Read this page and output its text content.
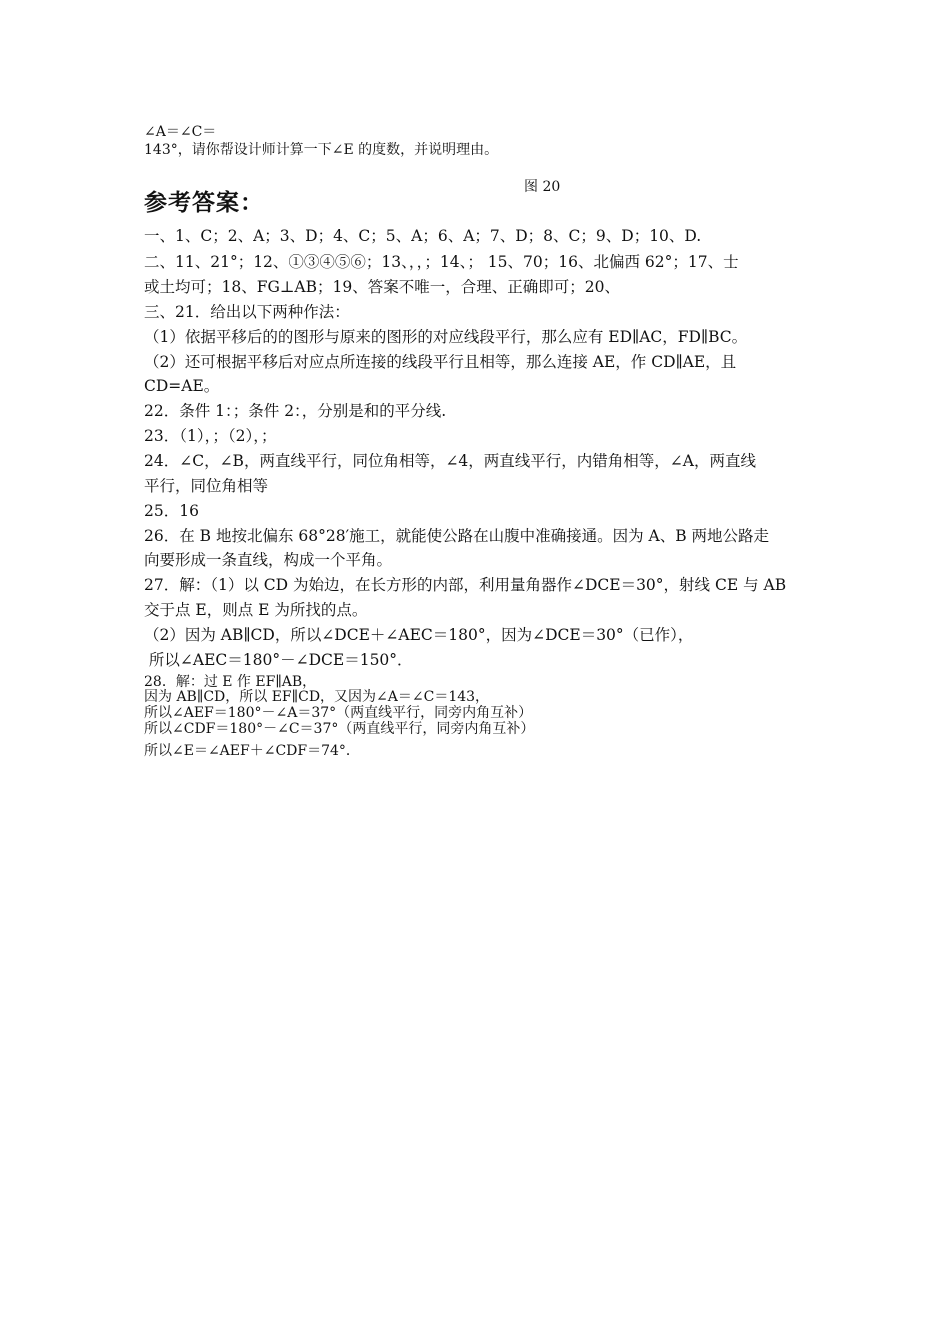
∠A＝∠C＝
143°，请你帮设计师计算一下∠E 的度数，并说明理由。
图 20
参考答案：
一、1、C；2、A；3、D；4、C；5、A；6、A；7、D；8、C；9、D；10、D.
二、11、21°；12、①③④⑤⑥；13、，，；14、； 15、70；16、北偏西 62°；17、士
或土均可；18、FG⊥AB；19、答案不唯一，合理、正确即可；20、
三、21．给出以下两种作法：
（1）依据平移后的的图形与原来的图形的对应线段平行，那么应有 ED∥AC，FD∥BC。
（2）还可根据平移后对应点所连接的线段平行且相等，那么连接 AE，作 CD∥AE，且
CD=AE。
22．条件 1：；条件 2：，分别是和的平分线.
23．（1），；（2），；
24．∠C，∠B，两直线平行，同位角相等，∠4，两直线平行，内错角相等，∠A，两直线
平行，同位角相等
25．16
26．在 B 地按北偏东 68°28′施工，就能使公路在山腹中准确接通。因为 A、B 两地公路走
向要形成一条直线，构成一个平角。
27．解：（1）以 CD 为始边，在长方形的内部，利用量角器作∠DCE＝30°，射线 CE 与 AB
交于点 E，则点 E 为所找的点。
（2）因为 AB∥CD，所以∠DCE＋∠AEC＝180°，因为∠DCE＝30°（已作），
所以∠AEC＝180°－∠DCE＝150°．
28．解：过 E 作 EF∥AB，
因为 AB∥CD，所以 EF∥CD，又因为∠A＝∠C＝143，
所以∠AEF＝180°－∠A＝37°（两直线平行，同旁内角互补）
所以∠CDF＝180°－∠C＝37°（两直线平行，同旁内角互补）
所以∠E＝∠AEF＋∠CDF＝74°．
